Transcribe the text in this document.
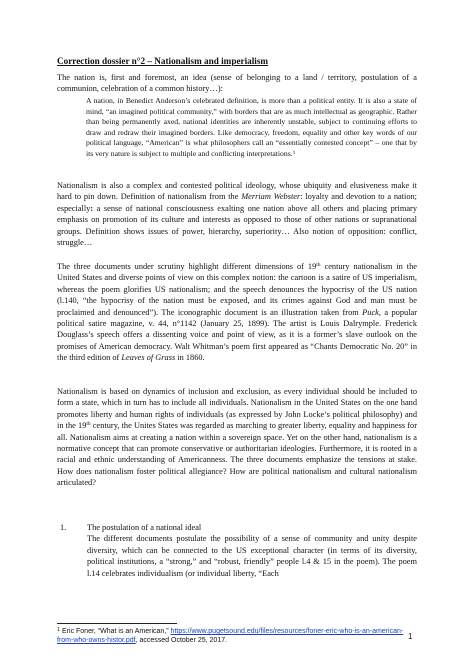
Correction dossier n°2 – Nationalism and imperialism

The nation is, first and foremost, an idea (sense of belonging to a land / territory, postulation of a communion, celebration of a common history…):

A nation, in Benedict Anderson’s celebrated definition, is more than a political entity. It is also a state of mind, “an imagined political community,” with borders that are as much intellectual as geographic. Rather than being permanently axed, national identities are inherently unstable, subject to continuing efforts to draw and redraw their imagined borders. Like democracy, freedom, equality and other key words of our political language, “American” is what philosophers call an “essentially contested concept” – one that by its very nature is subject to multiple and conflicting interpretations.$^1$

Nationalism is also a complex and contested political ideology, whose ubiquity and elusiveness make it hard to pin down. Definition of nationalism from the Merriam Webster: loyalty and devotion to a nation; especially: a sense of national consciousness exalting one nation above all others and placing primary emphasis on promotion of its culture and interests as opposed to those of other nations or supranational groups. Definition shows issues of power, hierarchy, superiority… Also notion of opposition: conflict, struggle…

The three documents under scrutiny highlight different dimensions of 19th century nationalism in the United States and diverse points of view on this complex notion: the cartoon is a satire of US imperialism, whereas the poem glorifies US nationalism; and the speech denounces the hypocrisy of the US nation (l.140, “the hypocrisy of the nation must be exposed, and its crimes against God and man must be proclaimed and denounced”). The iconographic document is an illustration taken from Puck, a popular political satire magazine, v. 44, n°1142 (January 25, 1899). The artist is Louis Dalrymple. Frederick Douglass’s speech offers a dissenting voice and point of view, as it is a former’s slave outlook on the promises of American democracy. Walt Whitman’s poem first appeared as “Chants Democratic No. 20” in the third edition of Leaves of Grass in 1860.

Nationalism is based on dynamics of inclusion and exclusion, as every individual should be included to form a state, which in turn has to include all individuals. Nationalism in the United States on the one hand promotes liberty and human rights of individuals (as expressed by John Locke’s political philosophy) and in the 19th century, the Unites States was regarded as marching to greater liberty, equality and happiness for all. Nationalism aims at creating a nation within a sovereign space. Yet on the other hand, nationalism is a normative concept that can promote conservative or authoritarian ideologies. Furthermore, it is rooted in a racial and ethnic understanding of Americanness. The three documents emphasize the tensions at stake. How does nationalism foster political allegiance? How are political nationalism and cultural nationalism articulated?

1.	The postulation of a national ideal
The different documents postulate the possibility of a sense of community and unity despite diversity, which can be connected to the US exceptional character (in terms of its diversity, political institutions, a “strong,” and “robust, friendly” people l.4 & 15 in the poem). The poem l.14 celebrates individualism (or individual liberty, “Each
$^1$ Eric Foner, “What is an American,” https://www.pugetsound.edu/files/resources/foner-eric-who-is-an-american-from-who-owns-histor.pdf, accessed October 25, 2017.	1
